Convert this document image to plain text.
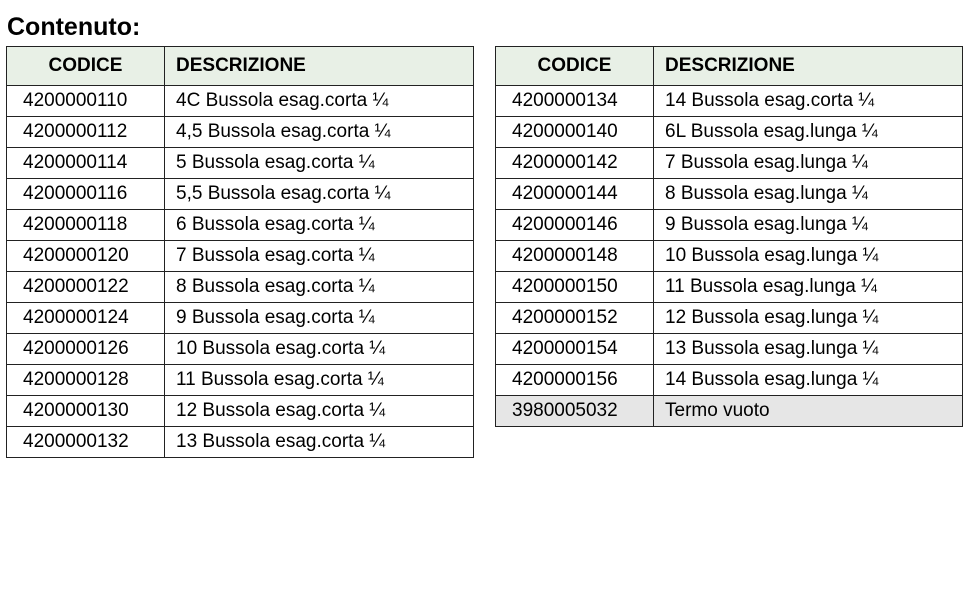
Contenuto:
CODICE	DESCRIZIONE
4200000110	4C Bussola esag.corta ¼
4200000112	4,5 Bussola esag.corta ¼
4200000114	5 Bussola esag.corta ¼
4200000116	5,5 Bussola esag.corta ¼
4200000118	6 Bussola esag.corta ¼
4200000120	7 Bussola esag.corta ¼
4200000122	8 Bussola esag.corta ¼
4200000124	9 Bussola esag.corta ¼
4200000126	10 Bussola esag.corta ¼
4200000128	11 Bussola esag.corta ¼
4200000130	12 Bussola esag.corta ¼
4200000132	13 Bussola esag.corta ¼
CODICE	DESCRIZIONE
4200000134	14 Bussola esag.corta ¼
4200000140	6L Bussola esag.lunga ¼
4200000142	7 Bussola esag.lunga ¼
4200000144	8 Bussola esag.lunga ¼
4200000146	9 Bussola esag.lunga ¼
4200000148	10 Bussola esag.lunga ¼
4200000150	11 Bussola esag.lunga ¼
4200000152	12 Bussola esag.lunga ¼
4200000154	13 Bussola esag.lunga ¼
4200000156	14 Bussola esag.lunga ¼
3980005032	Termo vuoto
